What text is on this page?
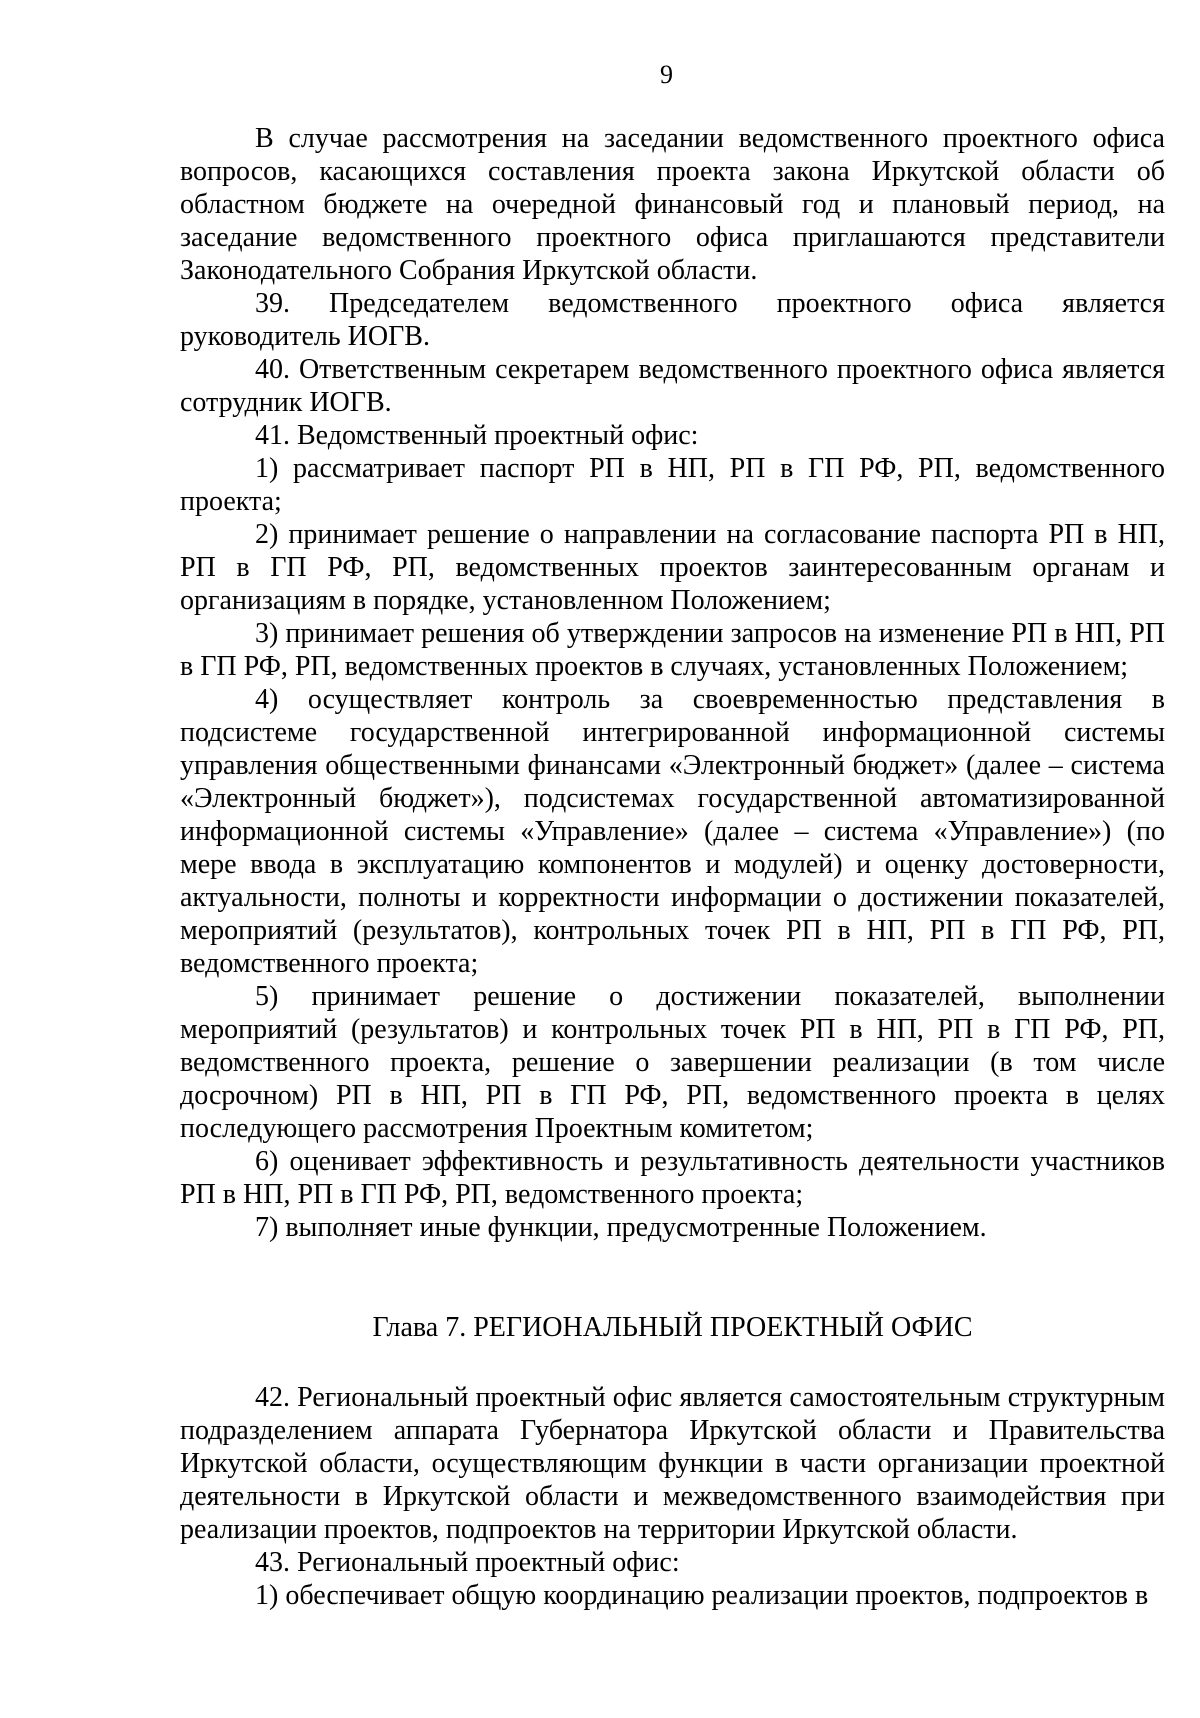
9

В случае рассмотрения на заседании ведомственного проектного офиса вопросов, касающихся составления проекта закона Иркутской области об областном бюджете на очередной финансовый год и плановый период, на заседание ведомственного проектного офиса приглашаются представители Законодательного Собрания Иркутской области.

39. Председателем ведомственного проектного офиса является руководитель ИОГВ.

40. Ответственным секретарем ведомственного проектного офиса является сотрудник ИОГВ.

41. Ведомственный проектный офис:

1) рассматривает паспорт РП в НП, РП в ГП РФ, РП, ведомственного проекта;

2) принимает решение о направлении на согласование паспорта РП в НП, РП в ГП РФ, РП, ведомственных проектов заинтересованным органам и организациям в порядке, установленном Положением;

3) принимает решения об утверждении запросов на изменение РП в НП, РП в ГП РФ, РП, ведомственных проектов в случаях, установленных Положением;

4) осуществляет контроль за своевременностью представления в подсистеме государственной интегрированной информационной системы управления общественными финансами «Электронный бюджет» (далее – система «Электронный бюджет»), подсистемах государственной автоматизированной информационной системы «Управление» (далее – система «Управление») (по мере ввода в эксплуатацию компонентов и модулей) и оценку достоверности, актуальности, полноты и корректности информации о достижении показателей, мероприятий (результатов), контрольных точек РП в НП, РП в ГП РФ, РП, ведомственного проекта;

5) принимает решение о достижении показателей, выполнении мероприятий (результатов) и контрольных точек РП в НП, РП в ГП РФ, РП, ведомственного проекта, решение о завершении реализации (в том числе досрочном) РП в НП, РП в ГП РФ, РП, ведомственного проекта в целях последующего рассмотрения Проектным комитетом;

6) оценивает эффективность и результативность деятельности участников РП в НП, РП в ГП РФ, РП, ведомственного проекта;

7) выполняет иные функции, предусмотренные Положением.

Глава 7. РЕГИОНАЛЬНЫЙ ПРОЕКТНЫЙ ОФИС

42. Региональный проектный офис является самостоятельным структурным подразделением аппарата Губернатора Иркутской области и Правительства Иркутской области, осуществляющим функции в части организации проектной деятельности в Иркутской области и межведомственного взаимодействия при реализации проектов, подпроектов на территории Иркутской области.

43. Региональный проектный офис:

1) обеспечивает общую координацию реализации проектов, подпроектов в
